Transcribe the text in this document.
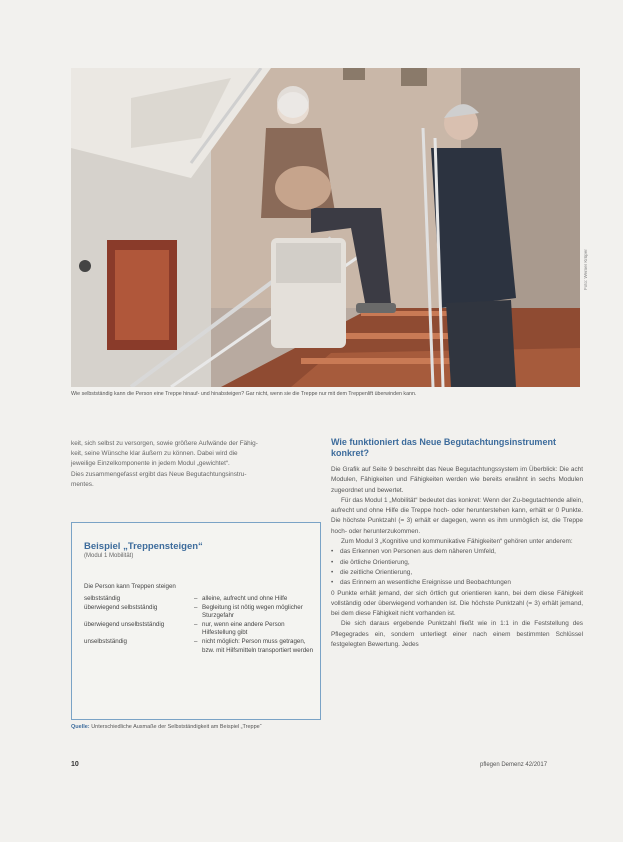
Wie selbstständig kann die Person eine Treppe hinauf- und hinabsteigen? Gar nicht, wenn sie die Treppe nur mit dem Treppenlift überwinden kann.
Foto: Werner Krüper

keit, sich selbst zu versorgen, sowie größere Aufwände der Fähig-

keit, seine Wünsche klar äußern zu können. Dabei wird die

jeweilige Einzelkomponente in jedem Modul „gewichtet“.

Dies zusammengefasst ergibt das Neue Begutachtungsinstru-

mentes.

Beispiel „Treppensteigen“
(Modul 1 Mobilität)
Die Person kann Treppen steigen
selbstständig	– alleine, aufrecht und ohne Hilfe
überwiegend selbstständig	– Begleitung ist nötig wegen möglicher Sturzgefahr
überwiegend unselbstständig	– nur, wenn eine andere Person Hilfestellung gibt
unselbstständig	– nicht möglich: Person muss getragen, bzw. mit Hilfsmitteln transportiert werden
Quelle: Unterschiedliche Ausmaße der Selbstständigkeit am Beispiel „Treppe“
Wie funktioniert das Neue Begutachtungsinstrument konkret?

Die Grafik auf Seite 9 beschreibt das Neue Begutachtungssystem im Überblick: Die acht Modulen, Fähigkeiten und Fähigkeiten werden wie bereits erwähnt in sechs Modulen zugeordnet und bewertet.

Für das Modul 1 „Mobilität“ bedeutet das konkret: Wenn der Zu-begutachtende allein, aufrecht und ohne Hilfe die Treppe hoch- oder herunterstehen kann, erhält er 0 Punkte. Die höchste Punktzahl (= 3) erhält er dagegen, wenn es ihm unmöglich ist, die Treppe hoch- oder herunterzukommen.

Zum Modul 3 „Kognitive und kommunikative Fähigkeiten“ gehören unter anderem:

• das Erkennen von Personen aus dem näheren Umfeld,
• die örtliche Orientierung,
• die zeitliche Orientierung,
• das Erinnern an wesentliche Ereignisse und Beobachtungen

0 Punkte erhält jemand, der sich örtlich gut orientieren kann, bei dem diese Fähigkeit vollständig oder überwiegend vorhanden ist. Die höchste Punktzahl (= 3) erhält jemand, bei dem diese Fähigkeit nicht vorhanden ist.

Die sich daraus ergebende Punktzahl fließt wie in 1:1 in die Feststellung des Pflegegrades ein, sondern unterliegt einer nach einem bestimmten Schlüssel festgelegten Bewertung. Jedes

10	pflegen Demenz 42/2017
